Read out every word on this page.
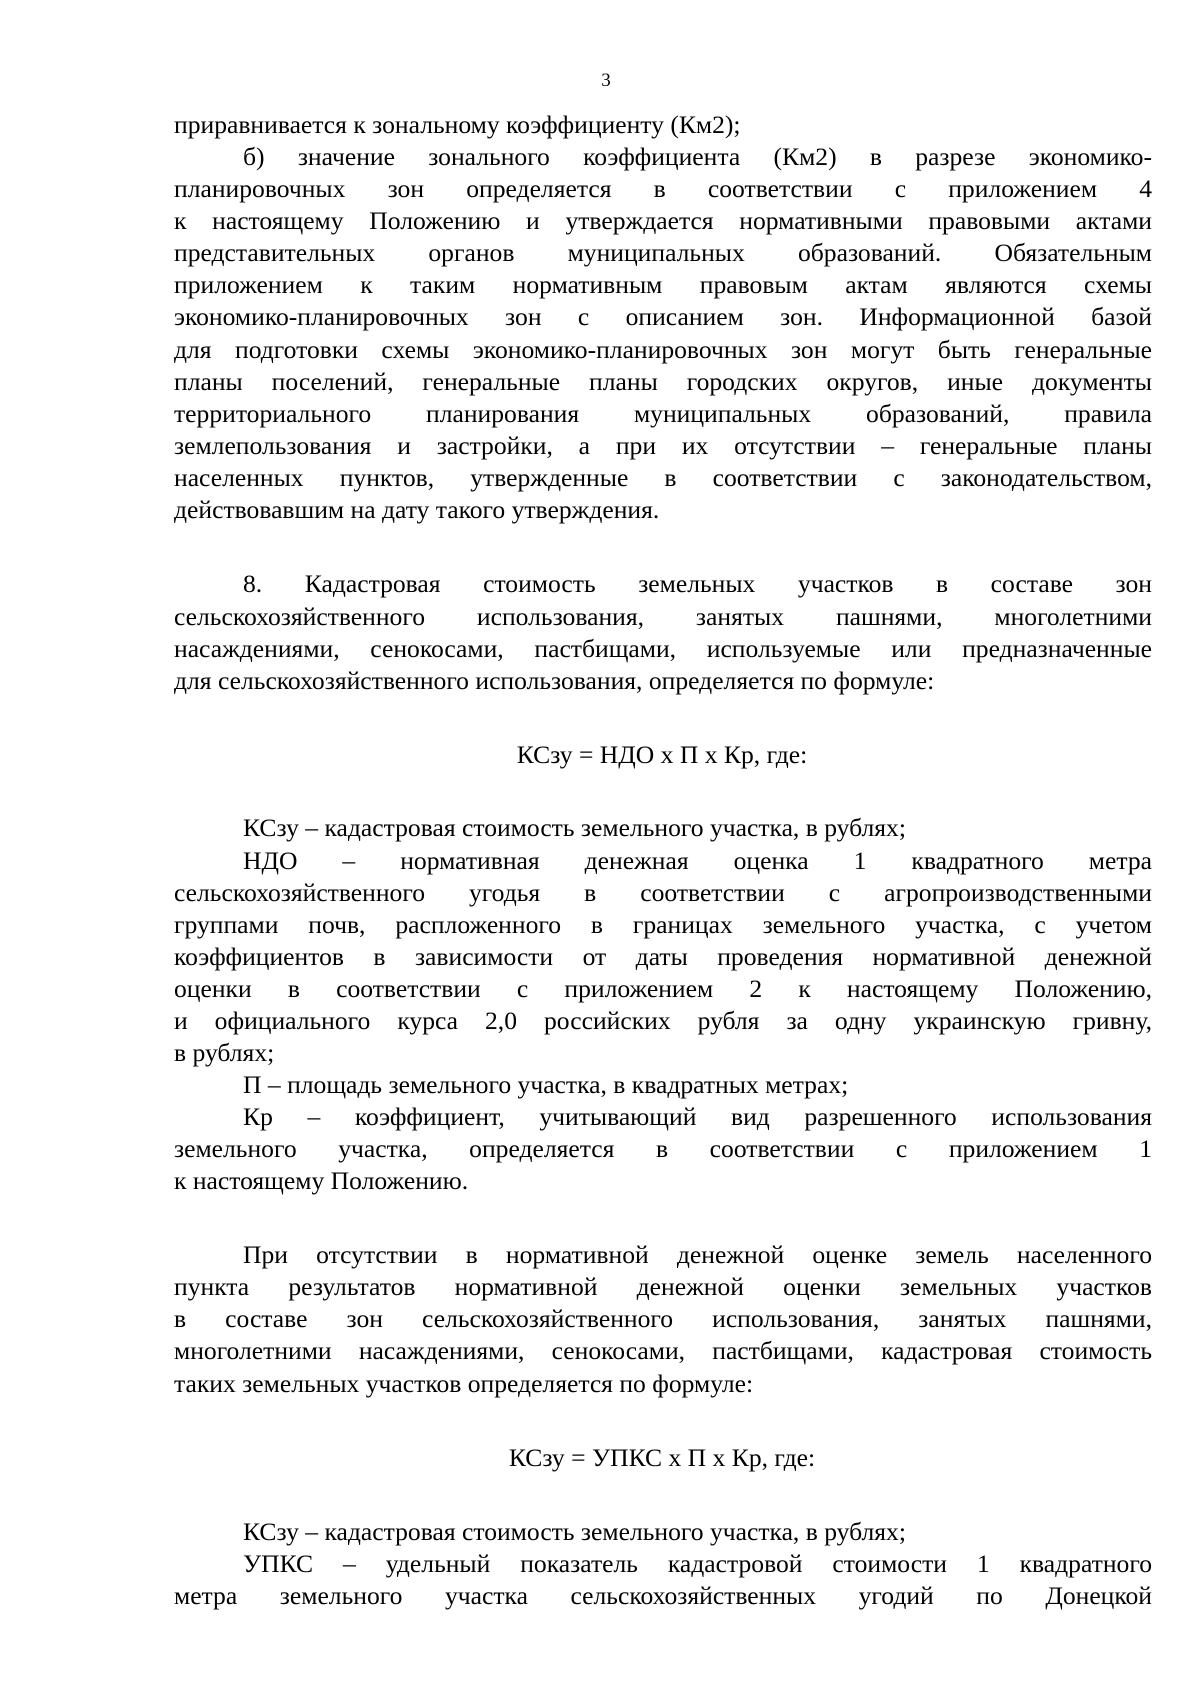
3
приравнивается к зональному коэффициенту (Км2);
б) значение зонального коэффициента (Км2) в разрезе экономико-
планировочных зон определяется в соответствии с приложением 4
к настоящему Положению и утверждается нормативными правовыми актами
представительных органов муниципальных образований. Обязательным
приложением к таким нормативным правовым актам являются схемы
экономико-планировочных зон с описанием зон. Информационной базой
для подготовки схемы экономико-планировочных зон могут быть генеральные
планы поселений, генеральные планы городских округов, иные документы
территориального планирования муниципальных образований, правила
землепользования и застройки, а при их отсутствии – генеральные планы
населенных пунктов, утвержденные в соответствии с законодательством,
действовавшим на дату такого утверждения.
8. Кадастровая стоимость земельных участков в составе зон
сельскохозяйственного использования, занятых пашнями, многолетними
насаждениями, сенокосами, пастбищами, используемые или предназначенные
для сельскохозяйственного использования, определяется по формуле:
КСзу = НДО х П х Кр, где:
КСзу – кадастровая стоимость земельного участка, в рублях;
НДО – нормативная денежная оценка 1 квадратного метра
сельскохозяйственного угодья в соответствии с агропроизводственными
группами почв, распложенного в границах земельного участка, с учетом
коэффициентов в зависимости от даты проведения нормативной денежной
оценки в соответствии с приложением 2 к настоящему Положению,
и официального курса 2,0 российских рубля за одну украинскую гривну,
в рублях;
П – площадь земельного участка, в квадратных метрах;
Кр – коэффициент, учитывающий вид разрешенного использования
земельного участка, определяется в соответствии с приложением 1
к настоящему Положению.
При отсутствии в нормативной денежной оценке земель населенного
пункта результатов нормативной денежной оценки земельных участков
в составе зон сельскохозяйственного использования, занятых пашнями,
многолетними насаждениями, сенокосами, пастбищами, кадастровая стоимость
таких земельных участков определяется по формуле:
КСзу = УПКС х П х Кр, где:
КСзу – кадастровая стоимость земельного участка, в рублях;
УПКС – удельный показатель кадастровой стоимости 1 квадратного
метра земельного участка сельскохозяйственных угодий по Донецкой
